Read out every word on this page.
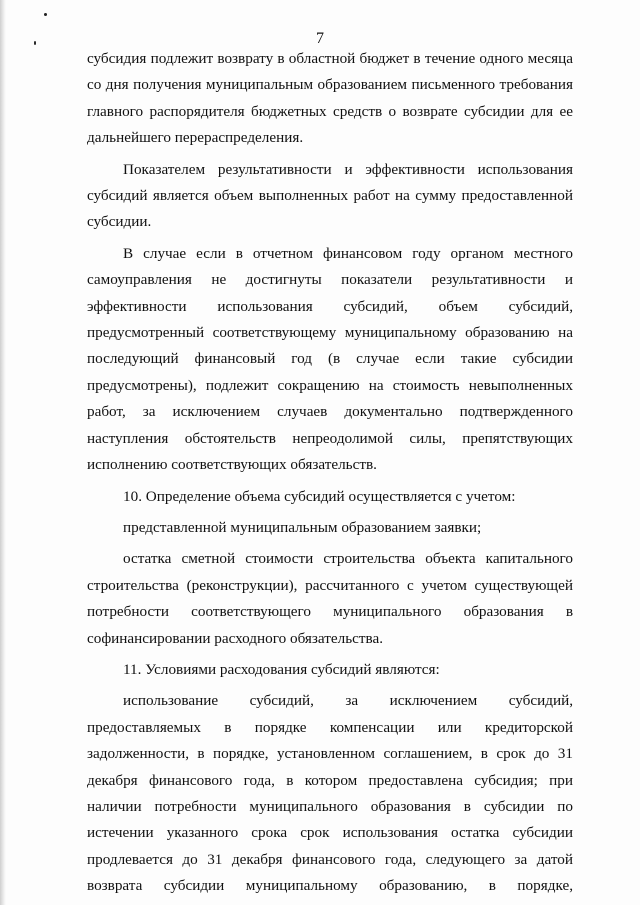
7

субсидия подлежит возврату в областной бюджет в течение одного месяца со дня получения муниципальным образованием письменного требования главного распорядителя бюджетных средств о возврате субсидии для ее дальнейшего перераспределения.

Показателем результативности и эффективности использования субсидий является объем выполненных работ на сумму предоставленной субсидии.

В случае если в отчетном финансовом году органом местного самоуправления не достигнуты показатели результативности и эффективности использования субсидий, объем субсидий, предусмотренный соответствующему муниципальному образованию на последующий финансовый год (в случае если такие субсидии предусмотрены), подлежит сокращению на стоимость невыполненных работ, за исключением случаев документально подтвержденного наступления обстоятельств непреодолимой силы, препятствующих исполнению соответствующих обязательств.

10. Определение объема субсидий осуществляется с учетом:

представленной муниципальным образованием заявки;

остатка сметной стоимости строительства объекта капитального строительства (реконструкции), рассчитанного с учетом существующей потребности соответствующего муниципального образования в софинансировании расходного обязательства.

11. Условиями расходования субсидий являются:

использование субсидий, за исключением субсидий, предоставляемых в порядке компенсации или кредиторской задолженности, в порядке, установленном соглашением, в срок до 31 декабря финансового года, в котором предоставлена субсидия; при наличии потребности муниципального образования в субсидии по истечении указанного срока срок использования остатка субсидии продлевается до 31 декабря финансового года, следующего за датой возврата субсидии муниципальному образованию, в порядке,
